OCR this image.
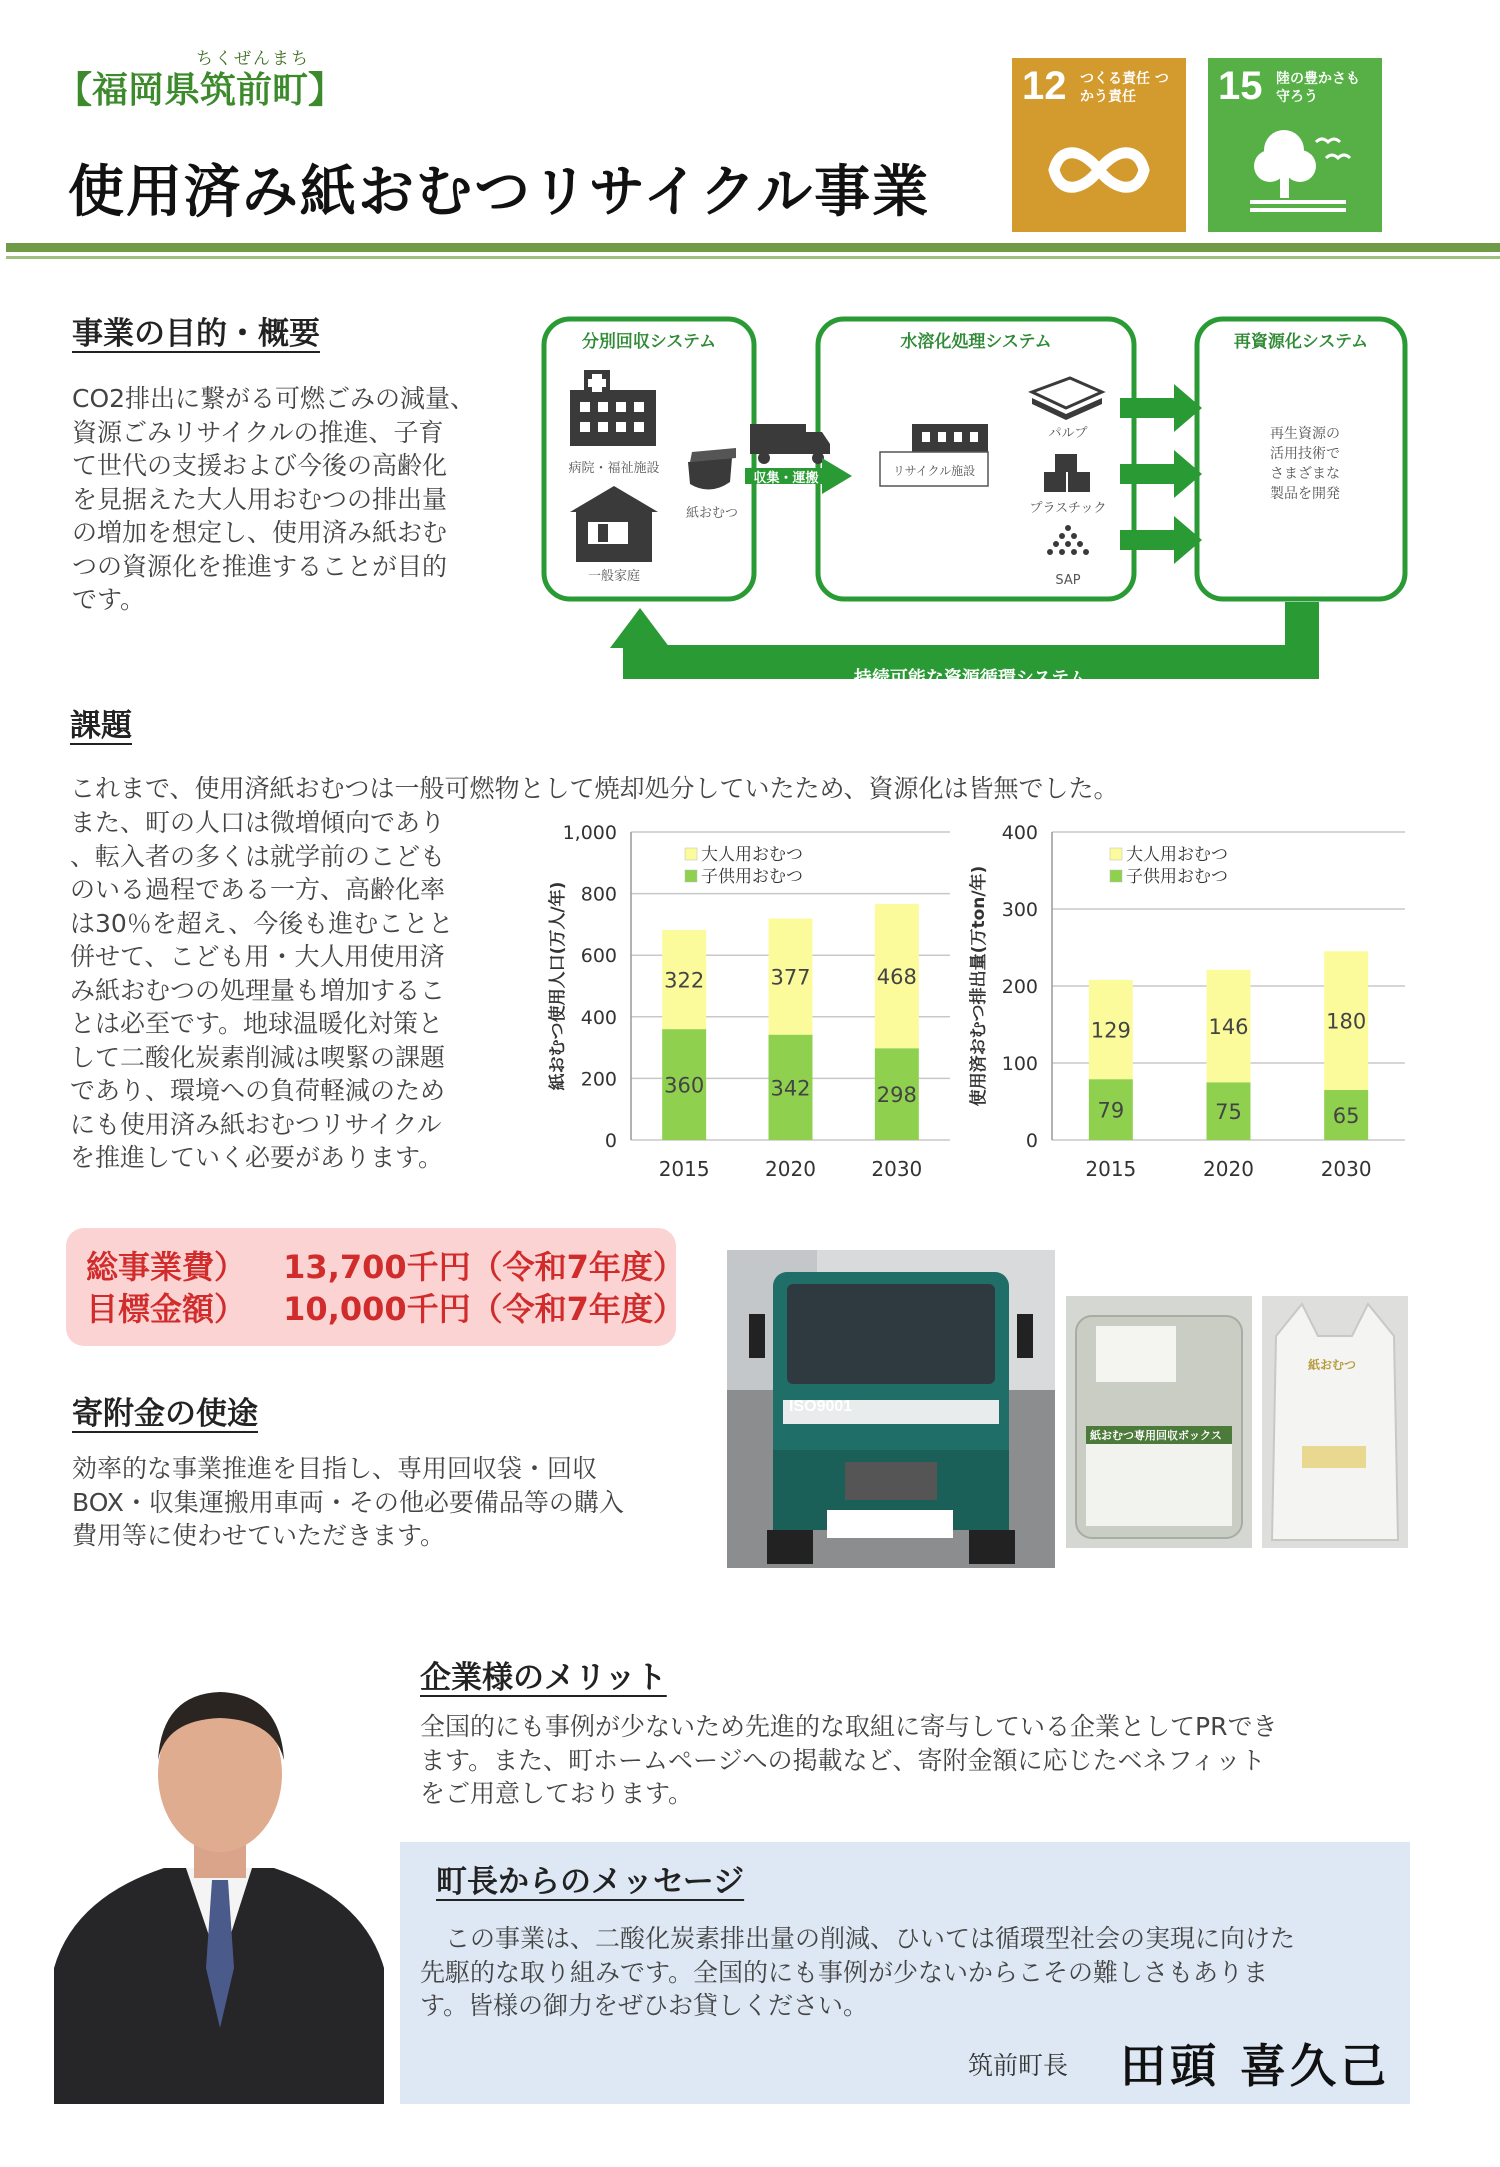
ちくぜんまち
【福岡県筑前町】
使用済み紙おむつリサイクル事業
12 つくる責任 つかう責任	15 陸の豊かさも 守ろう
事業の目的・概要
CO2排出に繋がる可燃ごみの減量、
資源ごみリサイクルの推進、子育
て世代の支援および今後の高齢化
を見据えた大人用おむつの排出量
の増加を想定し、使用済み紙おむ
つの資源化を推進することが目的
です。
分別回収システム	水溶化処理システム	再資源化システム
病院・福祉施設
一般家庭
紙おむつ
収集・運搬	リサイクル施設
パルプ
プラスチック
SAP
再生資源の
活用技術で
さまざまな
製品を開発
持続可能な資源循環システム
課題
これまで、使用済紙おむつは一般可燃物として焼却処分していたため、資源化は皆無でした。
また、町の人口は微増傾向であり
、転入者の多くは就学前のこども
のいる過程である一方、高齢化率
は30％を超え、今後も進むことと
併せて、こども用・大人用使用済
み紙おむつの処理量も増加するこ
とは必至です。地球温暖化対策と
して二酸化炭素削減は喫緊の課題
であり、環境への負荷軽減のため
にも使用済み紙おむつリサイクル
を推進していく必要があります。
0
200
400
600
800
1,000
紙おむつ使用人口(万人/年)	360
322
2015
342
377
2020
298
468
2030
大人用おむつ
子供用おむつ
0
100
200
300
400
使用済おむつ排出量(万ton/年)
79
129
2015
75
146
2020
65
180
2030
大人用おむつ
子供用おむつ
総事業費） 13,700千円（令和7年度）
目標金額） 10,000千円（令和7年度）
寄附金の使途
効率的な事業推進を目指し、専用回収袋・回収
BOX・収集運搬用車両・その他必要備品等の購入
費用等に使わせていただきます。
ISO9001
紙おむつ専用回収ボックス
紙おむつ
企業様のメリット
全国的にも事例が少ないため先進的な取組に寄与している企業としてPRでき
ます。また、町ホームページへの掲載など、寄附金額に応じたベネフィット
をご用意しております。
町長からのメッセージ
　この事業は、二酸化炭素排出量の削減、ひいては循環型社会の実現に向けた
先駆的な取り組みです。全国的にも事例が少ないからこその難しさもありま
す。皆様の御力をぜひお貸しください。
筑前町長 田頭 喜久己
